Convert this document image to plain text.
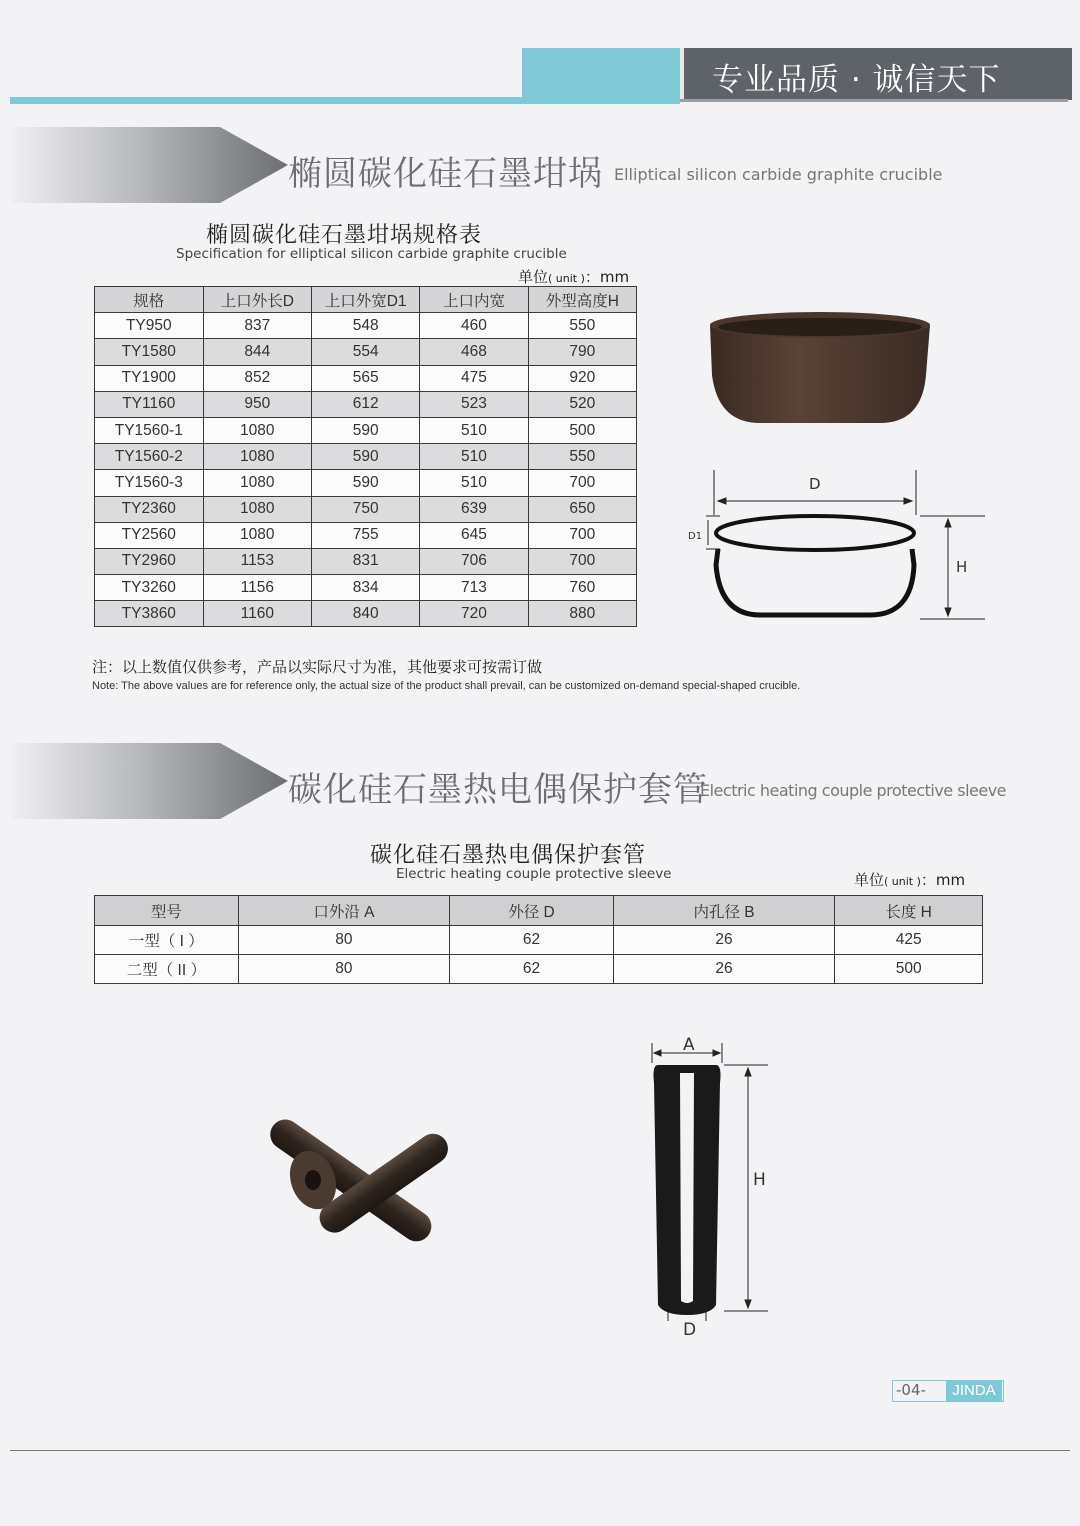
专业品质 · 诚信天下
椭圆碳化硅石墨坩埚 Elliptical silicon carbide graphite crucible
椭圆碳化硅石墨坩埚规格表
Specification for elliptical silicon carbide graphite crucible
单位( unit )：mm
规格	上口外长D	上口外宽D1	上口内宽	外型高度H
TY950	837	548	460	550
TY1580	844	554	468	790
TY1900	852	565	475	920
TY1160	950	612	523	520
TY1560-1	1080	590	510	500
TY1560-2	1080	590	510	550
TY1560-3	1080	590	510	700
TY2360	1080	750	639	650
TY2560	1080	755	645	700
TY2960	1153	831	706	700
TY3260	1156	834	713	760
TY3860	1160	840	720	880
D
D1
H
注：以上数值仅供参考，产品以实际尺寸为准，其他要求可按需订做
Note: The above values are for reference only, the actual size of the product shall prevail, can be customized on-demand special-shaped crucible.
碳化硅石墨热电偶保护套管
Electric heating couple protective sleeve
碳化硅石墨热电偶保护套管
Electric heating couple protective sleeve	单位( unit )：mm
型号	口外沿 A	外径 D	内孔径 B	长度 H
一型（ I ）	80	62	26	425
二型（ II ）	80	62	26	500
A
H
D
-04-	JINDA
